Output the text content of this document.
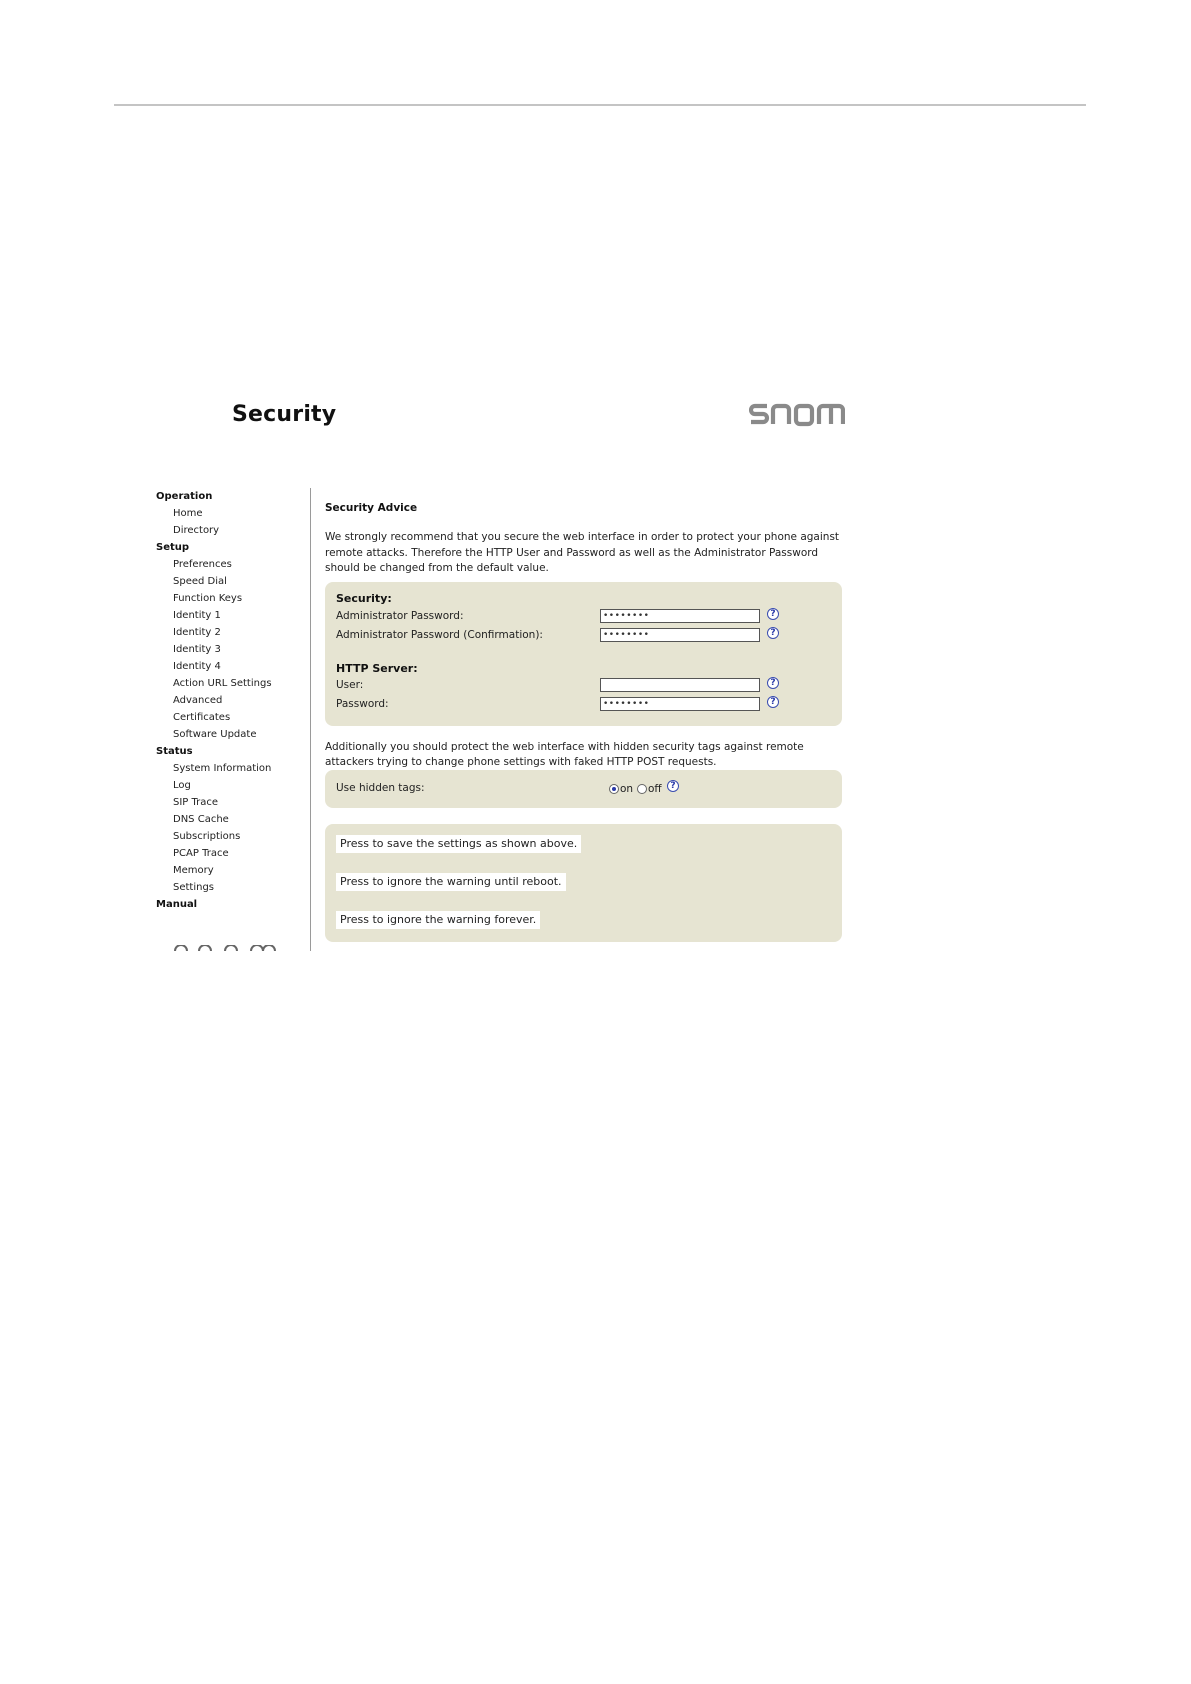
Security
Operation
Home
Directory
Setup
Preferences
Speed Dial
Function Keys
Identity 1
Identity 2
Identity 3
Identity 4
Action URL Settings
Advanced
Certificates
Software Update
Status
System Information
Log
SIP Trace
DNS Cache
Subscriptions
PCAP Trace
Memory
Settings
Manual
Security Advice
We strongly recommend that you secure the web interface in order to protect your phone against remote attacks. Therefore the HTTP User and Password as well as the Administrator Password should be changed from the default value.
Security:
Administrator Password:	••••••••	?
Administrator Password (Confirmation):	••••••••	?
HTTP Server:
User:	?
Password:	••••••••	?
Additionally you should protect the web interface with hidden security tags against remote attackers trying to change phone settings with faked HTTP POST requests.
Use hidden tags:	on off ?
Press to save the settings as shown above.
Press to ignore the warning until reboot.
Press to ignore the warning forever.
